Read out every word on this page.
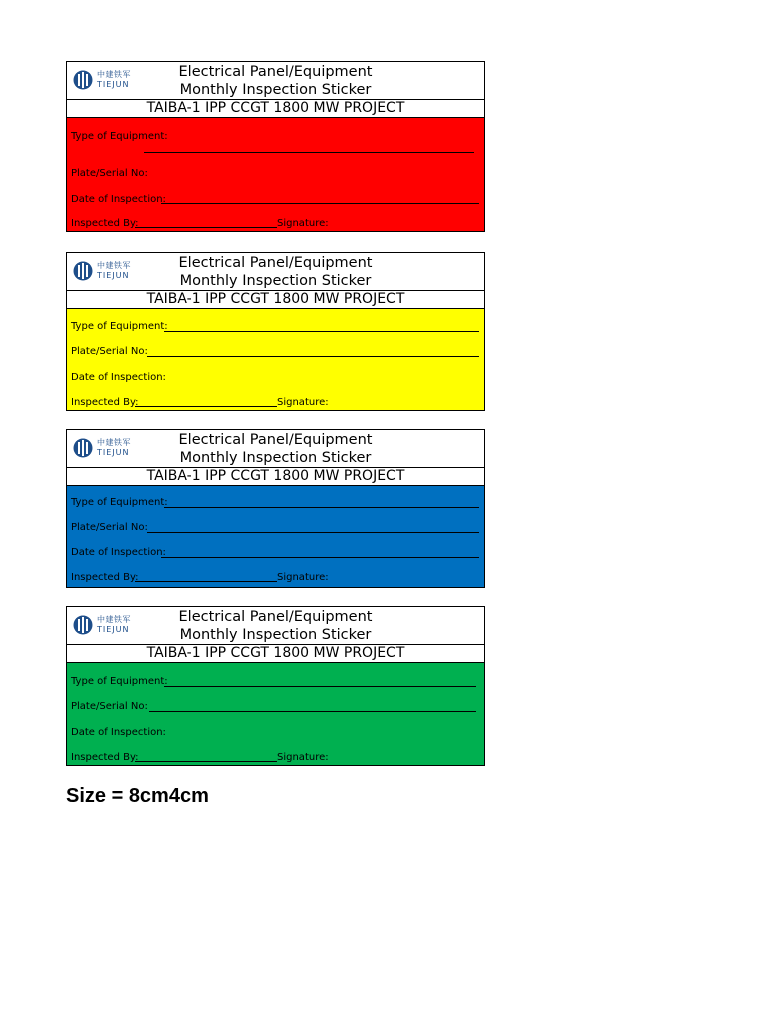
中建铁军
TIEJUN
Electrical Panel/Equipment
Monthly Inspection Sticker
TAIBA-1 IPP CCGT 1800 MW PROJECT
Type of Equipment:
Plate/Serial No:
Date of Inspection:
Inspected By:	Signature:
中建铁军
TIEJUN
Electrical Panel/Equipment
Monthly Inspection Sticker
TAIBA-1 IPP CCGT 1800 MW PROJECT
Type of Equipment:
Plate/Serial No:
Date of Inspection:
Inspected By:	Signature:
中建铁军
TIEJUN
Electrical Panel/Equipment
Monthly Inspection Sticker
TAIBA-1 IPP CCGT 1800 MW PROJECT
Type of Equipment:
Plate/Serial No:
Date of Inspection:
Inspected By:	Signature:
中建铁军
TIEJUN
Electrical Panel/Equipment
Monthly Inspection Sticker
TAIBA-1 IPP CCGT 1800 MW PROJECT
Type of Equipment:
Plate/Serial No:
Date of Inspection:
Inspected By:	Signature:
Size = 8cm4cm
